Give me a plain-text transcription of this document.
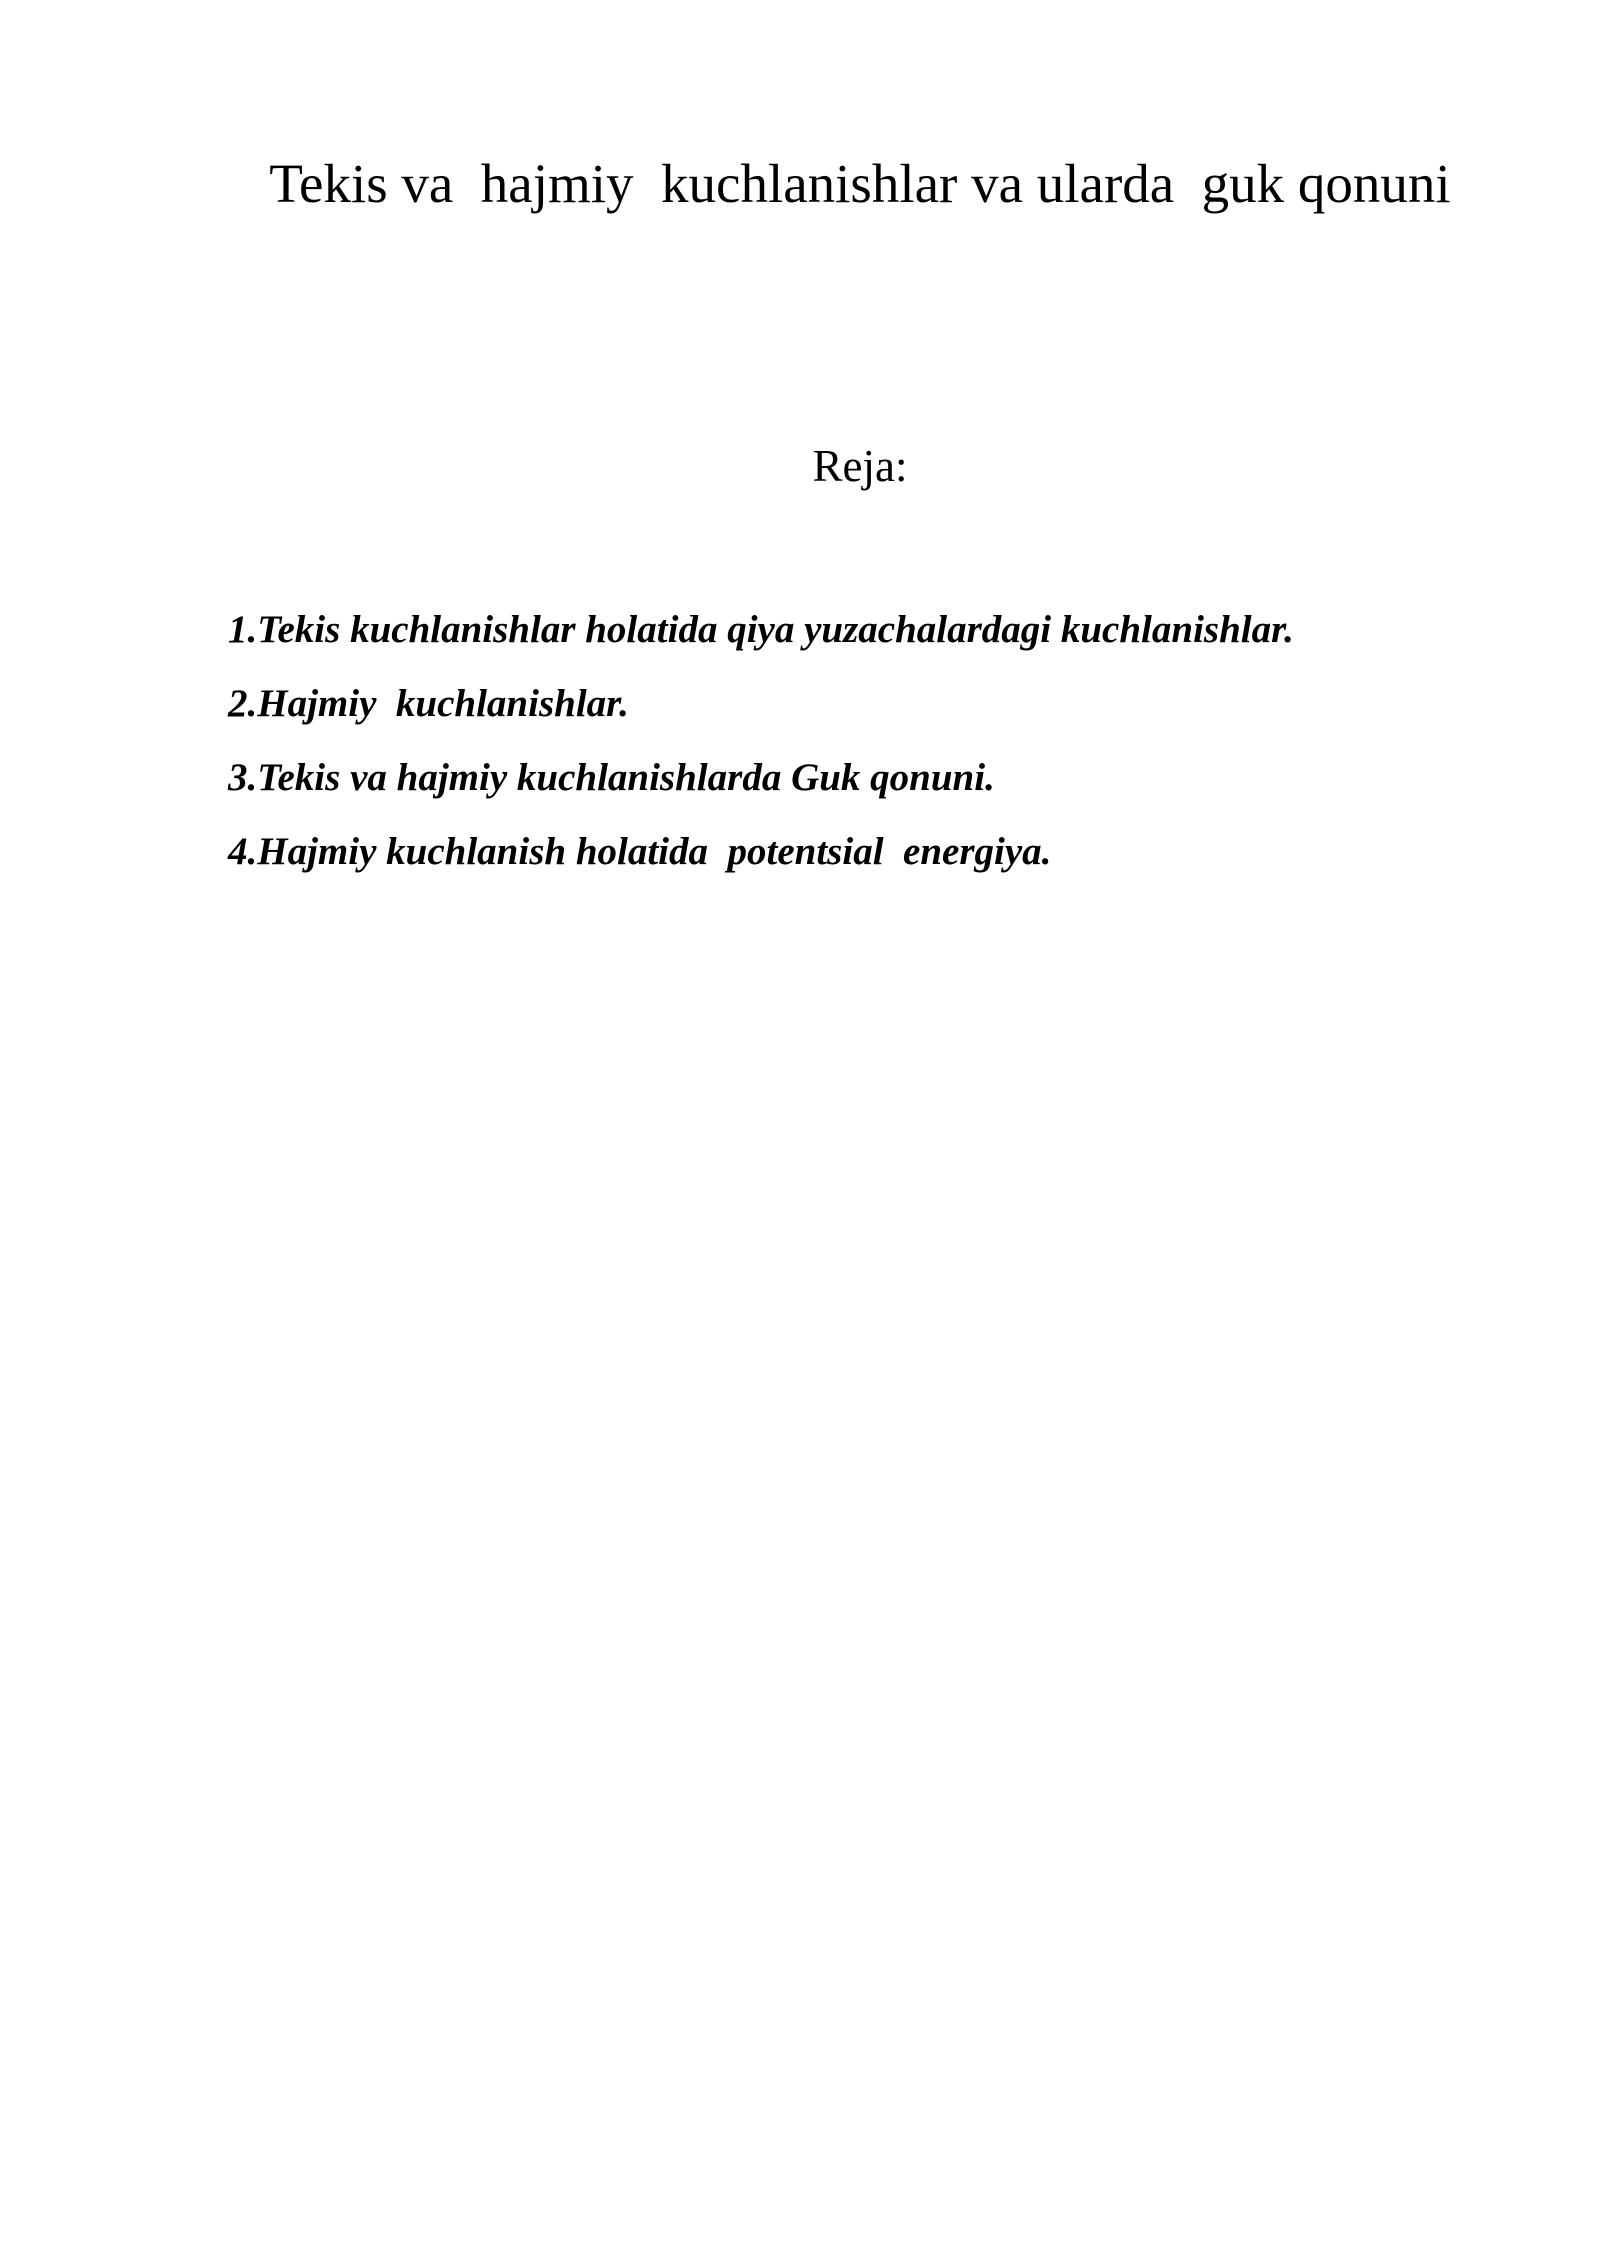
Tekis va  hajmiy  kuchlanishlar va ularda  guk qonuni
Reja:
1.Tekis kuchlanishlar holatida qiya yuzachalardagi kuchlanishlar.
2.Hajmiy  kuchlanishlar.
3.Tekis va hajmiy kuchlanishlarda Guk qonuni.
4.Hajmiy kuchlanish holatida  potentsial  energiya.
